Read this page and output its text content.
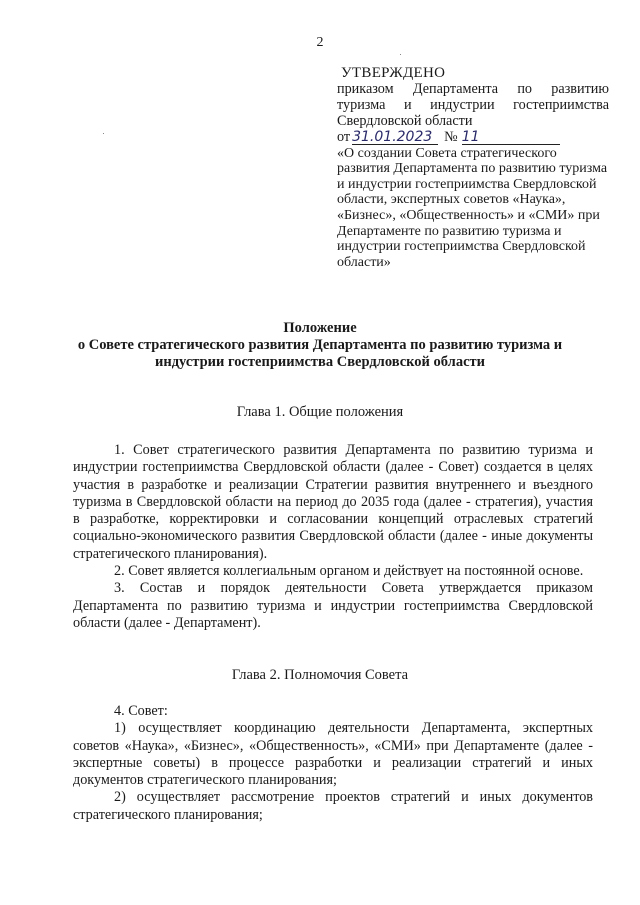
2
УТВЕРЖДЕНО
приказом Департамента по развитию
туризма и индустрии гостеприимства
Свердловской области
от 31.01.2023 № 11
«О создании Совета стратегического развития Департамента по развитию туризма и индустрии гостеприимства Свердловской области, экспертных советов «Наука», «Бизнес», «Общественность» и «СМИ» при Департаменте по развитию туризма и индустрии гостеприимства Свердловской области»
Положение
о Совете стратегического развития Департамента по развитию туризма и индустрии гостеприимства Свердловской области
Глава 1. Общие положения

1. Совет стратегического развития Департамента по развитию туризма и индустрии гостеприимства Свердловской области (далее - Совет) создается в целях участия в разработке и реализации Стратегии развития внутреннего и въездного туризма в Свердловской области на период до 2035 года (далее - стратегия), участия в разработке, корректировки и согласовании концепций отраслевых стратегий социально-экономического развития Свердловской области (далее - иные документы стратегического планирования).

2. Совет является коллегиальным органом и действует на постоянной основе.

3. Состав и порядок деятельности Совета утверждается приказом Департамента по развитию туризма и индустрии гостеприимства Свердловской области (далее - Департамент).

Глава 2. Полномочия Совета

4. Совет:

1) осуществляет координацию деятельности Департамента, экспертных советов «Наука», «Бизнес», «Общественность», «СМИ» при Департаменте (далее - экспертные советы) в процессе разработки и реализации стратегий и иных документов стратегического планирования;

2) осуществляет рассмотрение проектов стратегий и иных документов стратегического планирования;
